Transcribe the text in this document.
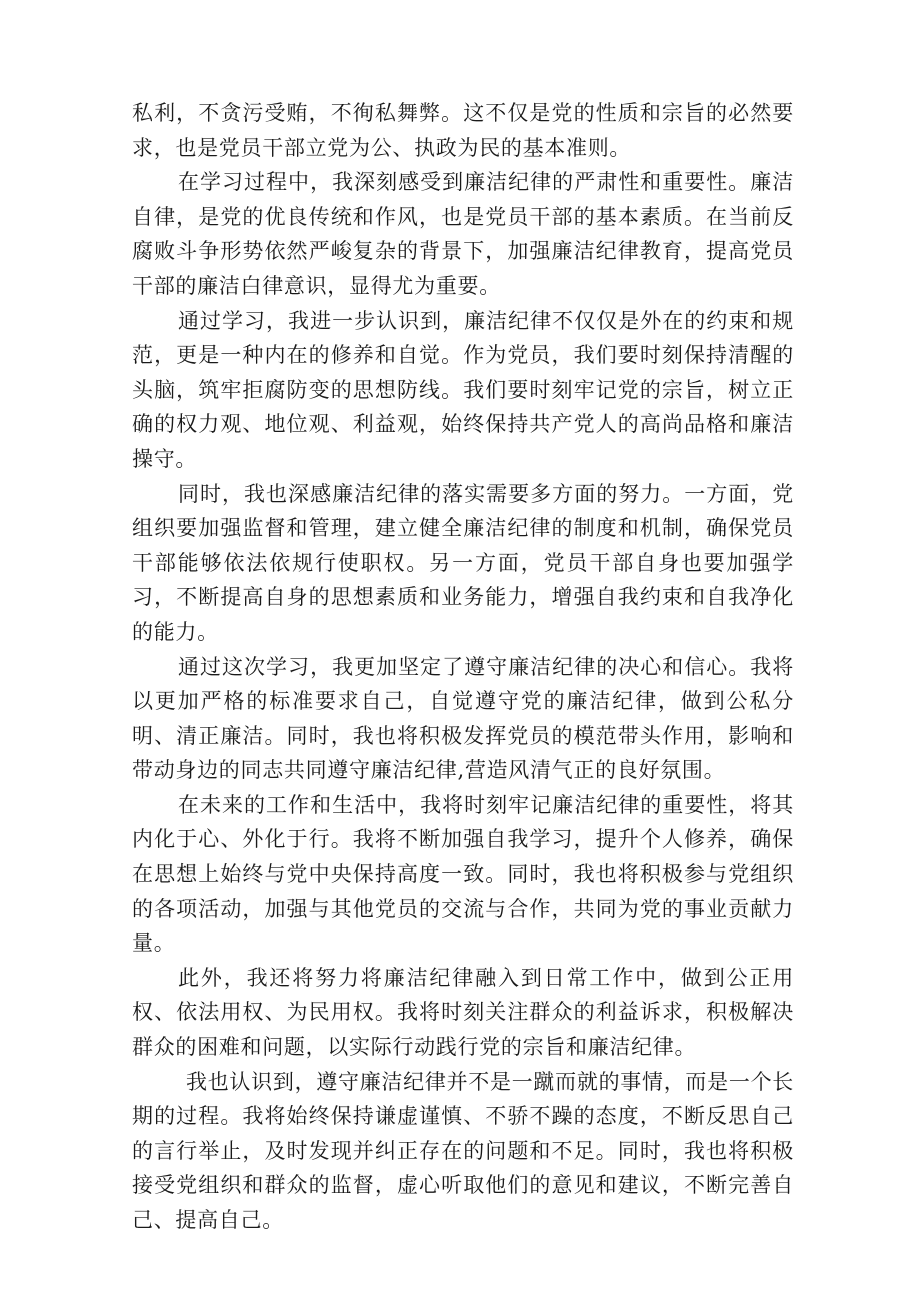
私利，不贪污受贿，不徇私舞弊。这不仅是党的性质和宗旨的必然要求，也是党员干部立党为公、执政为民的基本准则。

在学习过程中，我深刻感受到廉洁纪律的严肃性和重要性。廉洁自律，是党的优良传统和作风，也是党员干部的基本素质。在当前反腐败斗争形势依然严峻复杂的背景下，加强廉洁纪律教育，提高党员干部的廉洁白律意识，显得尤为重要。

通过学习，我进一步认识到，廉洁纪律不仅仅是外在的约束和规范，更是一种内在的修养和自觉。作为党员，我们要时刻保持清醒的头脑，筑牢拒腐防变的思想防线。我们要时刻牢记党的宗旨，树立正确的权力观、地位观、利益观，始终保持共产党人的高尚品格和廉洁操守。

同时，我也深感廉洁纪律的落实需要多方面的努力。一方面，党组织要加强监督和管理，建立健全廉洁纪律的制度和机制，确保党员干部能够依法依规行使职权。另一方面，党员干部自身也要加强学习，不断提高自身的思想素质和业务能力，增强自我约束和自我净化的能力。

通过这次学习，我更加坚定了遵守廉洁纪律的决心和信心。我将以更加严格的标准要求自己，自觉遵守党的廉洁纪律，做到公私分明、清正廉洁。同时，我也将积极发挥党员的模范带头作用，影响和带动身边的同志共同遵守廉洁纪律,营造风清气正的良好氛围。

在未来的工作和生活中，我将时刻牢记廉洁纪律的重要性，将其内化于心、外化于行。我将不断加强自我学习，提升个人修养，确保在思想上始终与党中央保持高度一致。同时，我也将积极参与党组织的各项活动，加强与其他党员的交流与合作，共同为党的事业贡献力量。

此外，我还将努力将廉洁纪律融入到日常工作中，做到公正用权、依法用权、为民用权。我将时刻关注群众的利益诉求，积极解决群众的困难和问题，以实际行动践行党的宗旨和廉洁纪律。

我也认识到，遵守廉洁纪律并不是一蹴而就的事情，而是一个长期的过程。我将始终保持谦虚谨慎、不骄不躁的态度，不断反思自己的言行举止，及时发现并纠正存在的问题和不足。同时，我也将积极接受党组织和群众的监督，虚心听取他们的意见和建议，不断完善自己、提高自己。
